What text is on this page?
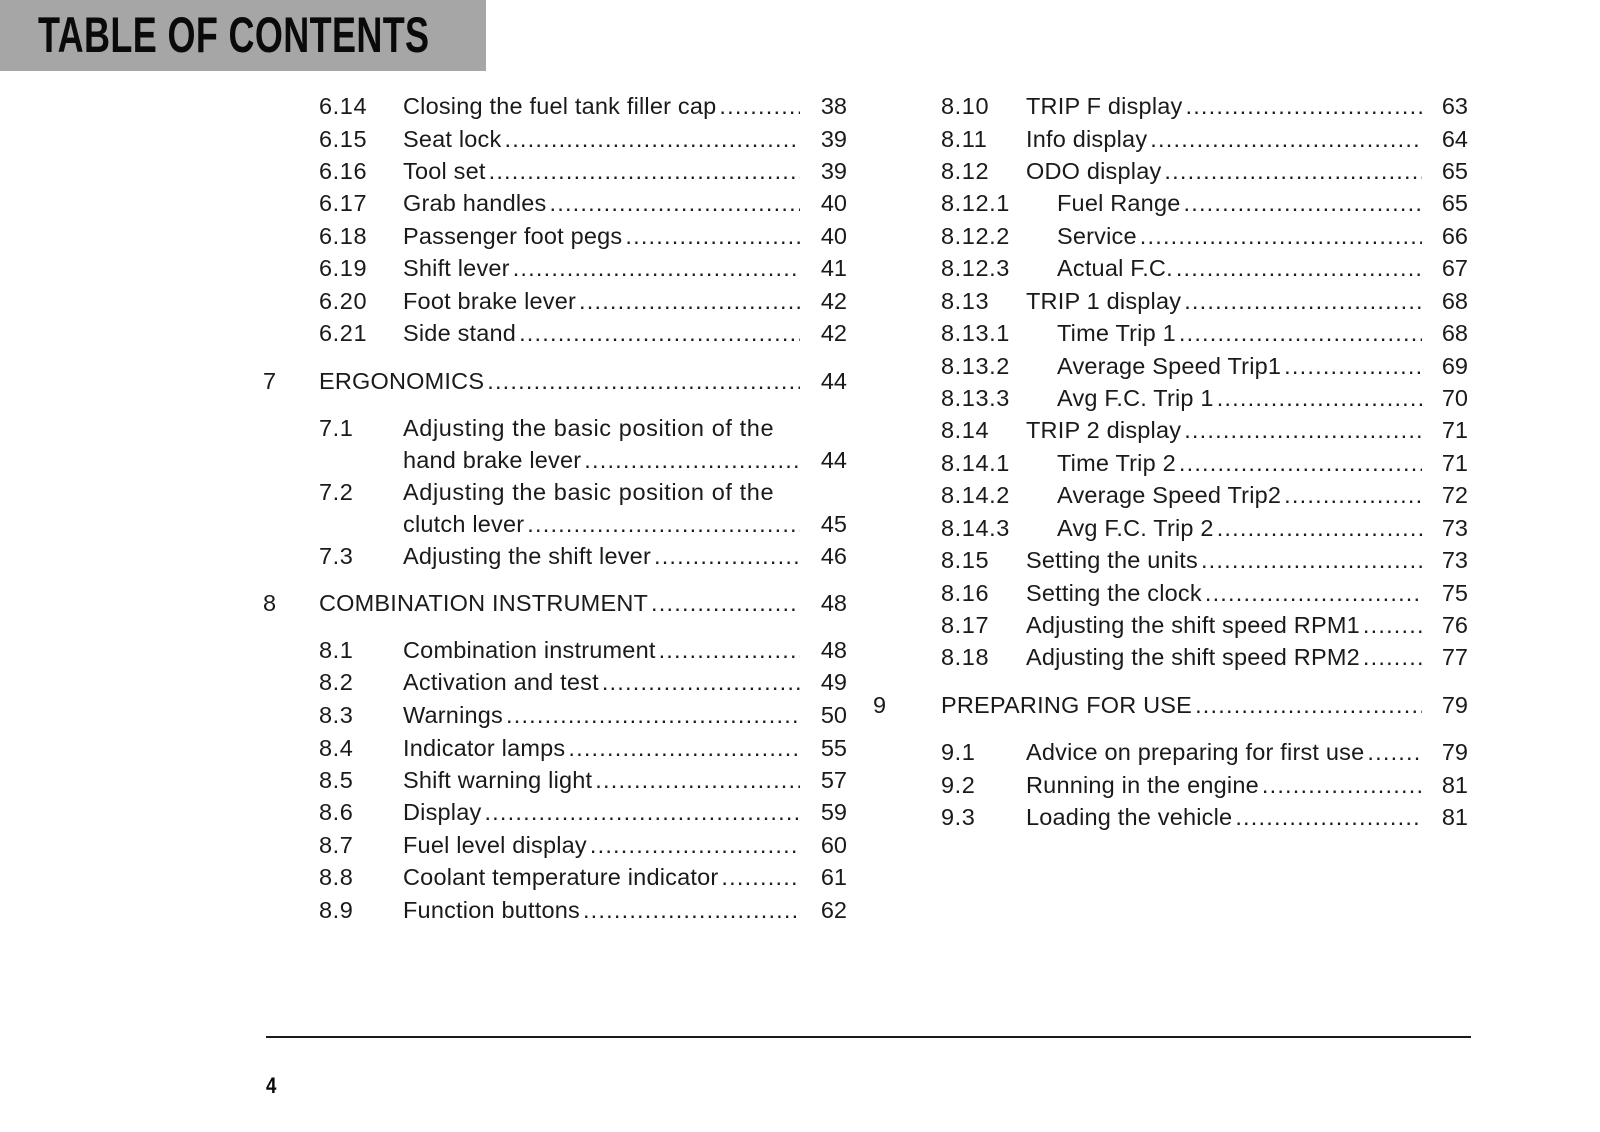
TABLE OF CONTENTS
6.14 Closing the fuel tank filler cap .....	38
6.15 Seat lock .....	39
6.16 Tool set .....	39
6.17 Grab handles .....	40
6.18 Passenger foot pegs .....	40
6.19 Shift lever .....	41
6.20 Foot brake lever .....	42
6.21 Side stand .....	42
7 ERGONOMICS .....	44
7.1 Adjusting the basic position of the
hand brake lever .....	44
7.2 Adjusting the basic position of the
clutch lever .....	45
7.3 Adjusting the shift lever .....	46
8 COMBINATION INSTRUMENT .....	48
8.1 Combination instrument .....	48
8.2 Activation and test .....	49
8.3 Warnings .....	50
8.4 Indicator lamps .....	55
8.5 Shift warning light .....	57
8.6 Display .....	59
8.7 Fuel level display .....	60
8.8 Coolant temperature indicator .....	61
8.9 Function buttons .....	62
8.10 TRIP F display .....	63
8.11 Info display .....	64
8.12 ODO display .....	65
8.12.1 Fuel Range .....	65
8.12.2 Service .....	66
8.12.3 Actual F.C. .....	67
8.13 TRIP 1 display .....	68
8.13.1 Time Trip 1 .....	68
8.13.2 Average Speed Trip1 .....	69
8.13.3 Avg F.C. Trip 1 .....	70
8.14 TRIP 2 display .....	71
8.14.1 Time Trip 2 .....	71
8.14.2 Average Speed Trip2 .....	72
8.14.3 Avg F.C. Trip 2 .....	73
8.15 Setting the units .....	73
8.16 Setting the clock .....	75
8.17 Adjusting the shift speed RPM1 .....	76
8.18 Adjusting the shift speed RPM2 .....	77
9 PREPARING FOR USE .....	79
9.1 Advice on preparing for first use .....	79
9.2 Running in the engine .....	81
9.3 Loading the vehicle .....	81
4
